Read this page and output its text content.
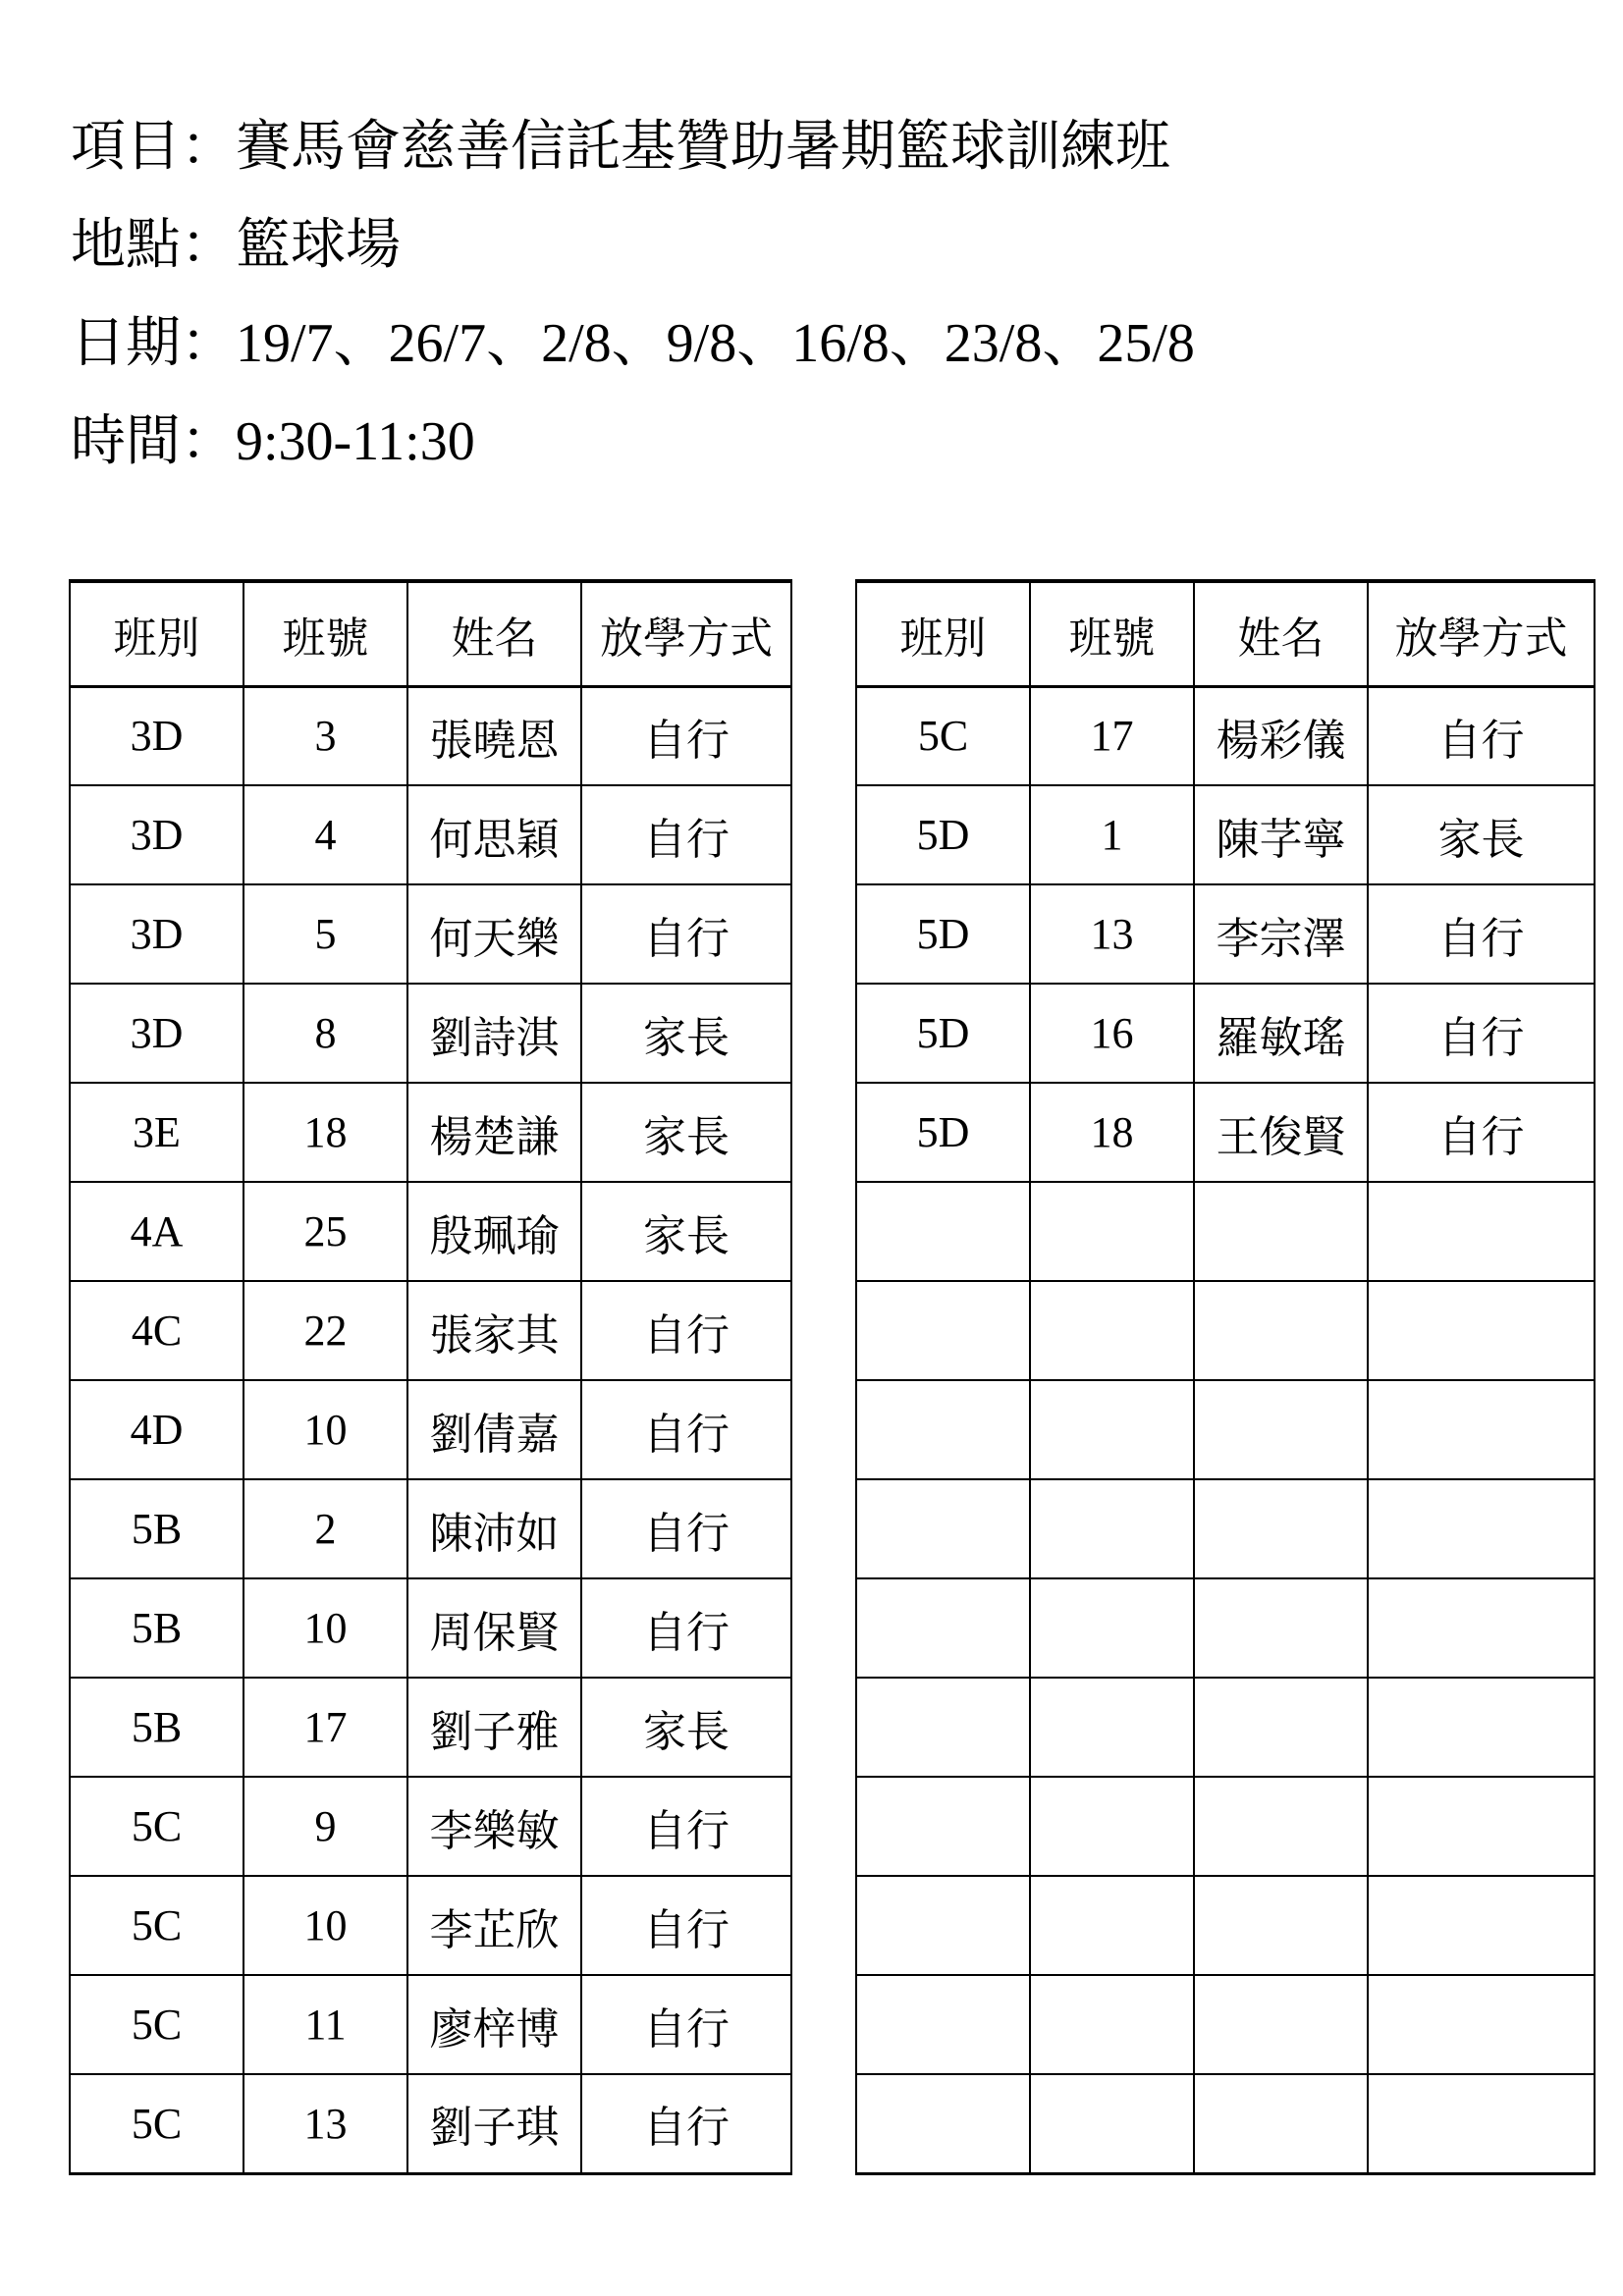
項目：賽馬會慈善信託基贊助暑期籃球訓練班
地點：籃球場
日期：19/7、26/7、2/8、9/8、16/8、23/8、25/8
時間：9:30-11:30
班別	班號	姓名	放學方式
3D	3	張曉恩	自行
3D	4	何思穎	自行
3D	5	何天樂	自行
3D	8	劉詩淇	家長
3E	18	楊楚謙	家長
4A	25	殷珮瑜	家長
4C	22	張家其	自行
4D	10	劉倩嘉	自行
5B	2	陳沛如	自行
5B	10	周保賢	自行
5B	17	劉子雅	家長
5C	9	李樂敏	自行
5C	10	李芷欣	自行
5C	11	廖梓博	自行
5C	13	劉子琪	自行
班別	班號	姓名	放學方式
5C	17	楊彩儀	自行
5D	1	陳芓寧	家長
5D	13	李宗澤	自行
5D	16	羅敏瑤	自行
5D	18	王俊賢	自行
